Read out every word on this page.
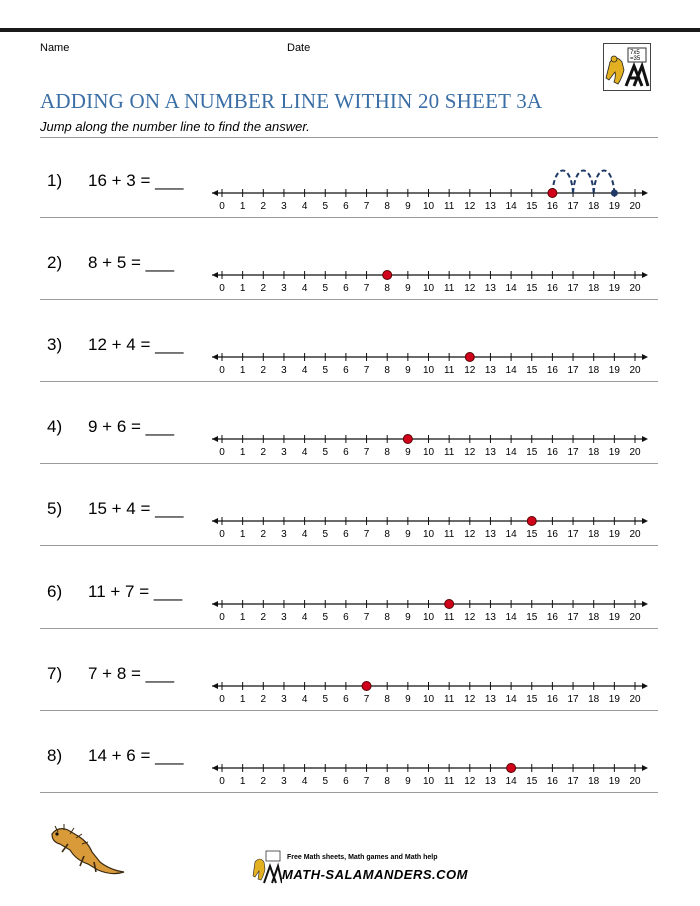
Name	Date	7x5
=35
ADDING ON A NUMBER LINE WITHIN 20 SHEET 3A
Jump along the number line to find the answer.
1) 16 + 3 = ___
0 1 2 3 4 5 6 7 8 9 10 11 12 13 14 15 16 17 18 19 20
2) 8 + 5 = ___
0 1 2 3 4 5 6 7 8 9 10 11 12 13 14 15 16 17 18 19 20
3) 12 + 4 = ___
0 1 2 3 4 5 6 7 8 9 10 11 12 13 14 15 16 17 18 19 20
4) 9 + 6 = ___
0 1 2 3 4 5 6 7 8 9 10 11 12 13 14 15 16 17 18 19 20
5) 15 + 4 = ___
0 1 2 3 4 5 6 7 8 9 10 11 12 13 14 15 16 17 18 19 20
6) 11 + 7 = ___
0 1 2 3 4 5 6 7 8 9 10 11 12 13 14 15 16 17 18 19 20
7) 7 + 8 = ___
0 1 2 3 4 5 6 7 8 9 10 11 12 13 14 15 16 17 18 19 20
8) 14 + 6 = ___
0 1 2 3 4 5 6 7 8 9 10 11 12 13 14 15 16 17 18 19 20
Free Math sheets, Math games and Math help
MATH-SALAMANDERS.COM
